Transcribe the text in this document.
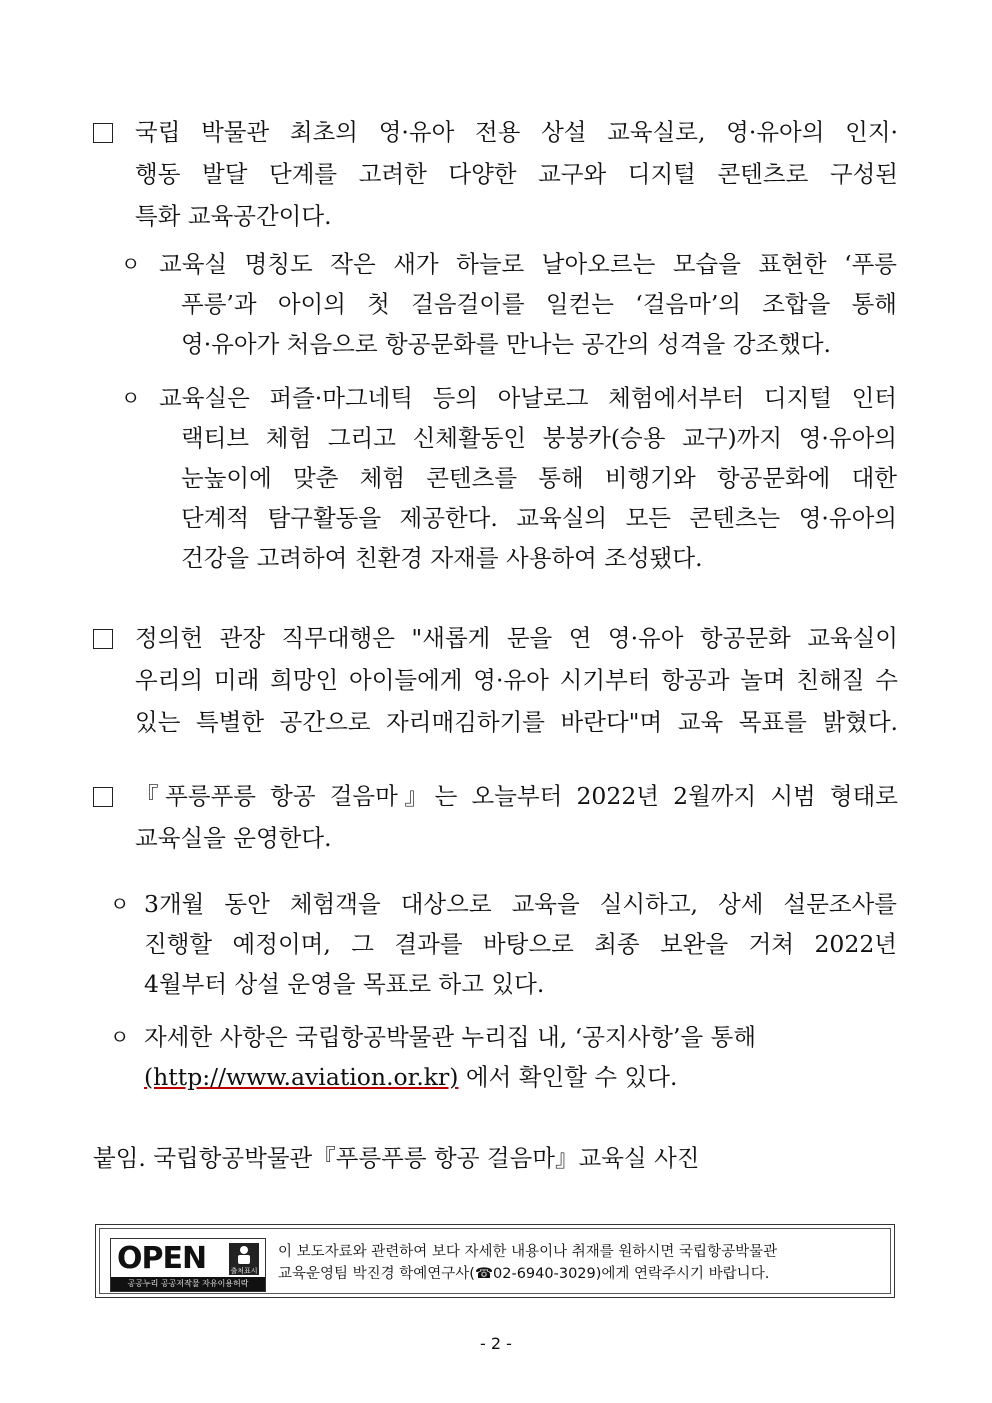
국립 박물관 최초의 영·유아 전용 상설 교육실로, 영·유아의 인지·
행동 발달 단계를 고려한 다양한 교구와 디지털 콘텐츠로 구성된
특화 교육공간이다.
ㅇ 교육실 명칭도 작은 새가 하늘로 날아오르는 모습을 표현한 ‘푸릉
푸릉’과 아이의 첫 걸음걸이를 일컫는 ‘걸음마’의 조합을 통해
영·유아가 처음으로 항공문화를 만나는 공간의 성격을 강조했다.
ㅇ 교육실은 퍼즐·마그네틱 등의 아날로그 체험에서부터 디지털 인터
랙티브 체험 그리고 신체활동인 붕붕카(승용 교구)까지 영·유아의
눈높이에 맞춘 체험 콘텐츠를 통해 비행기와 항공문화에 대한
단계적 탐구활동을 제공한다. 교육실의 모든 콘텐츠는 영·유아의
건강을 고려하여 친환경 자재를 사용하여 조성됐다.
정의헌 관장 직무대행은 "새롭게 문을 연 영·유아 항공문화 교육실이
우리의 미래 희망인 아이들에게 영·유아 시기부터 항공과 놀며 친해질 수
있는 특별한 공간으로 자리매김하기를 바란다"며 교육 목표를 밝혔다.
『푸릉푸릉 항공 걸음마』는 오늘부터 2022년 2월까지 시범 형태로
교육실을 운영한다.
ㅇ 3개월 동안 체험객을 대상으로 교육을 실시하고, 상세 설문조사를
진행할 예정이며, 그 결과를 바탕으로 최종 보완을 거쳐 2022년
4월부터 상설 운영을 목표로 하고 있다.
ㅇ 자세한 사항은 국립항공박물관 누리집 내, ‘공지사항’을 통해
(http://www.aviation.or.kr) 에서 확인할 수 있다.
붙임. 국립항공박물관『푸릉푸릉 항공 걸음마』교육실 사진
OPEN	출처표시
공공누리 공공저작물 자유이용허락
이 보도자료와 관련하여 보다 자세한 내용이나 취재를 원하시면 국립항공박물관
교육운영팀 박진경 학예연구사(☎02-6940-3029)에게 연락주시기 바랍니다.
- 2 -
